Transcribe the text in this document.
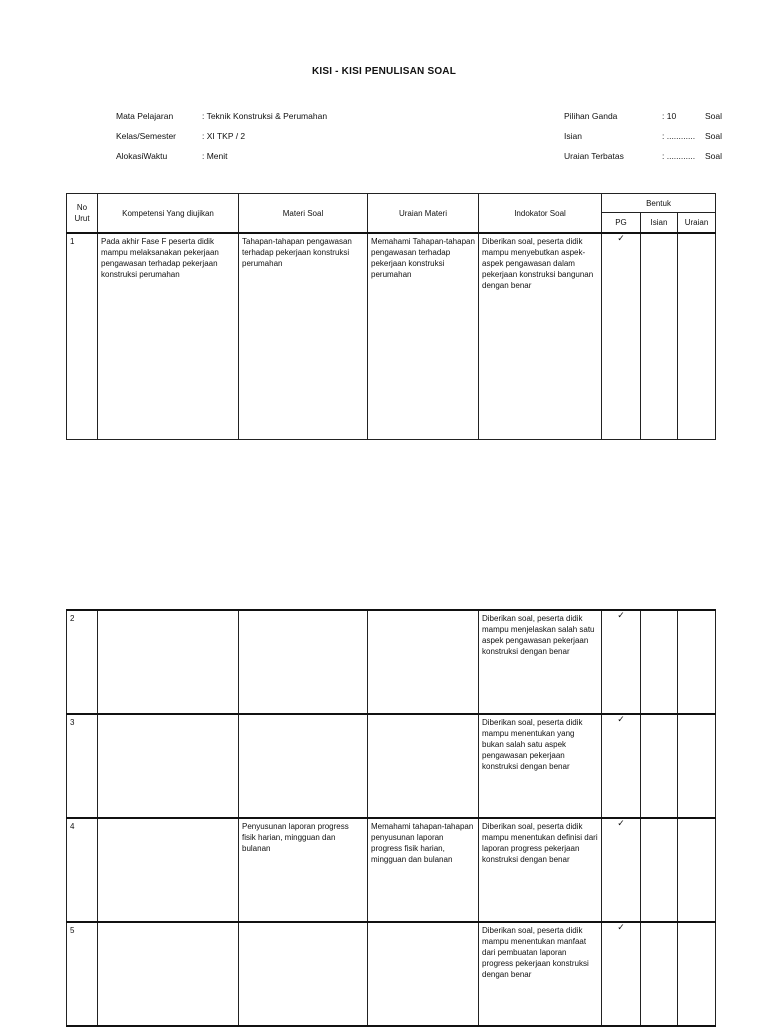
KISI - KISI PENULISAN SOAL
Mata Pelajaran	: Teknik Konstruksi & Perumahan
Kelas/Semester	: XI TKP / 2
AlokasiWaktu	: Menit
Pilihan Ganda	: 10	Soal
Isian	: ............	Soal
Uraian Terbatas	: ............	Soal
No Urut	Kompetensi Yang diujikan	Materi Soal	Uraian Materi	Indokator Soal	Bentuk		
					PG	Isian	Uraian
1	Pada akhir Fase F peserta didik mampu melaksanakan pekerjaan pengawasan terhadap pekerjaan konstruksi perumahan	Tahapan-tahapan pengawasan terhadap pekerjaan konstruksi perumahan	Memahami Tahapan-tahapan pengawasan terhadap pekerjaan konstruksi perumahan	Diberikan soal, peserta didik mampu menyebutkan aspek-aspek pengawasan dalam pekerjaan konstruksi bangunan dengan benar	✓		
2				Diberikan soal, peserta didik mampu menjelaskan salah satu aspek pengawasan pekerjaan konstruksi dengan benar	✓		
3				Diberikan soal, peserta didik mampu menentukan yang bukan salah satu aspek pengawasan pekerjaan konstruksi dengan benar	✓		
4		Penyusunan laporan progress fisik harian, mingguan dan bulanan	Memahami tahapan-tahapan penyusunan laporan progress fisik harian, mingguan dan bulanan	Diberikan soal, peserta didik mampu menentukan definisi dari laporan progress pekerjaan konstruksi dengan benar	✓		
5				Diberikan soal, peserta didik mampu menentukan manfaat dari pembuatan laporan progress pekerjaan konstruksi dengan benar	✓		
